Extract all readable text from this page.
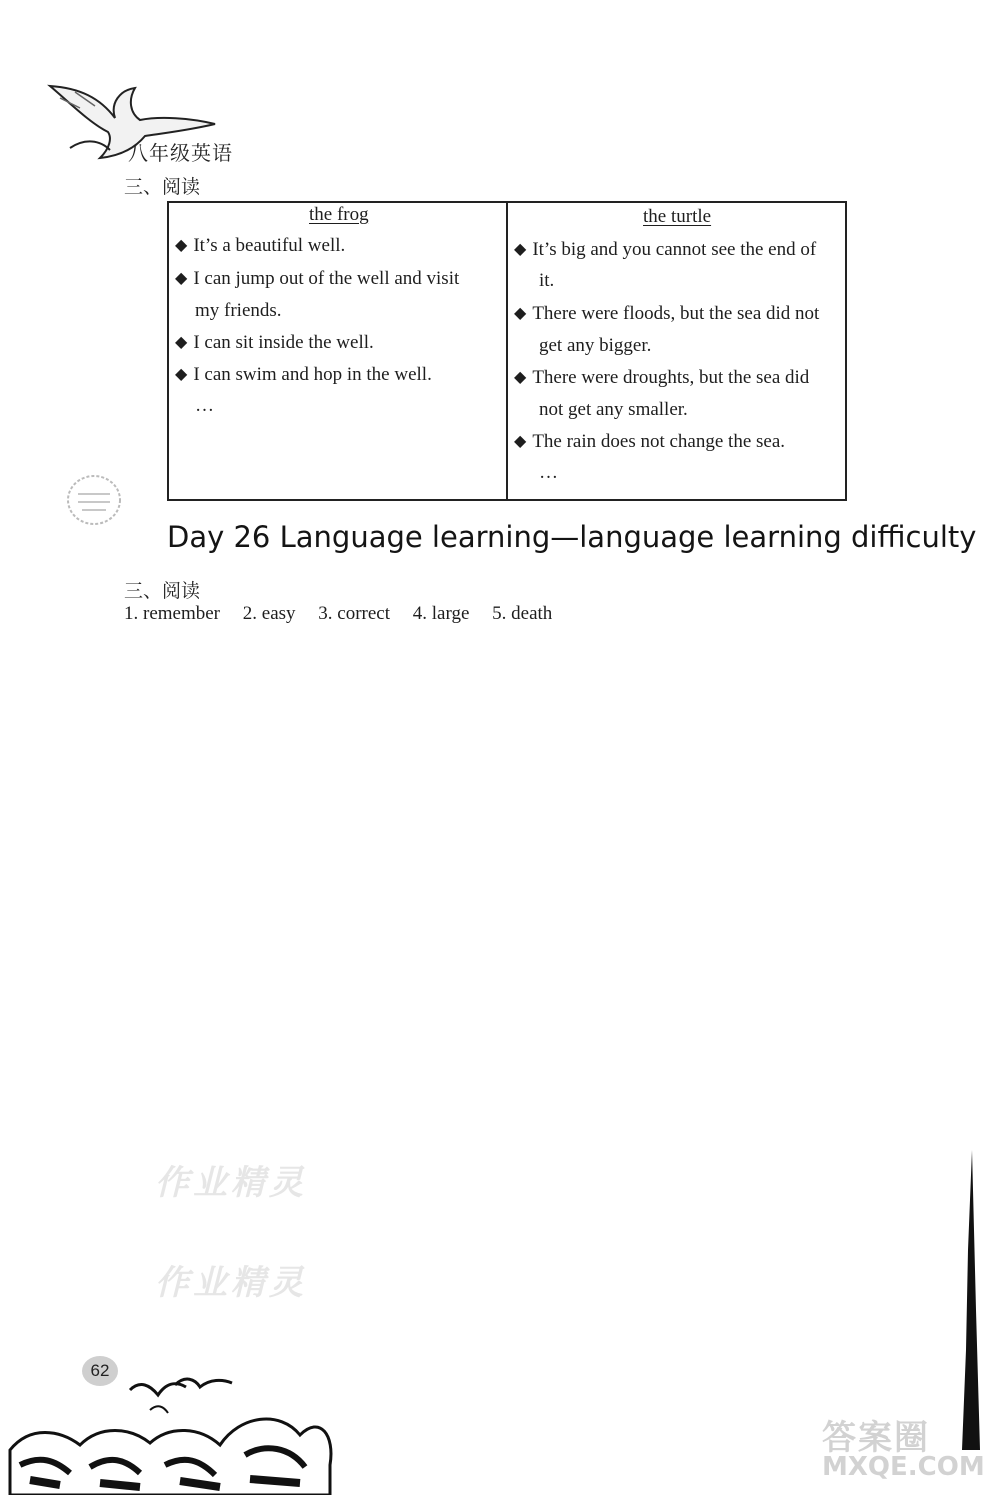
八年级英语
三、阅读
the frog
◆ It’s a beautiful well.
◆ I can jump out of the well and visit
my friends.
◆ I can sit inside the well.
◆ I can swim and hop in the well.
…
the turtle
◆ It’s big and you cannot see the end of
it.
◆ There were floods, but the sea did not
get any bigger.
◆ There were droughts, but the sea did
not get any smaller.
◆ The rain does not change the sea.
…
Day 26 Language learning—language learning difficulty
三、阅读
1. remember 2. easy 3. correct 4. large 5. death
作业精灵
作业精灵
62
答案圈
MXQE.COM
